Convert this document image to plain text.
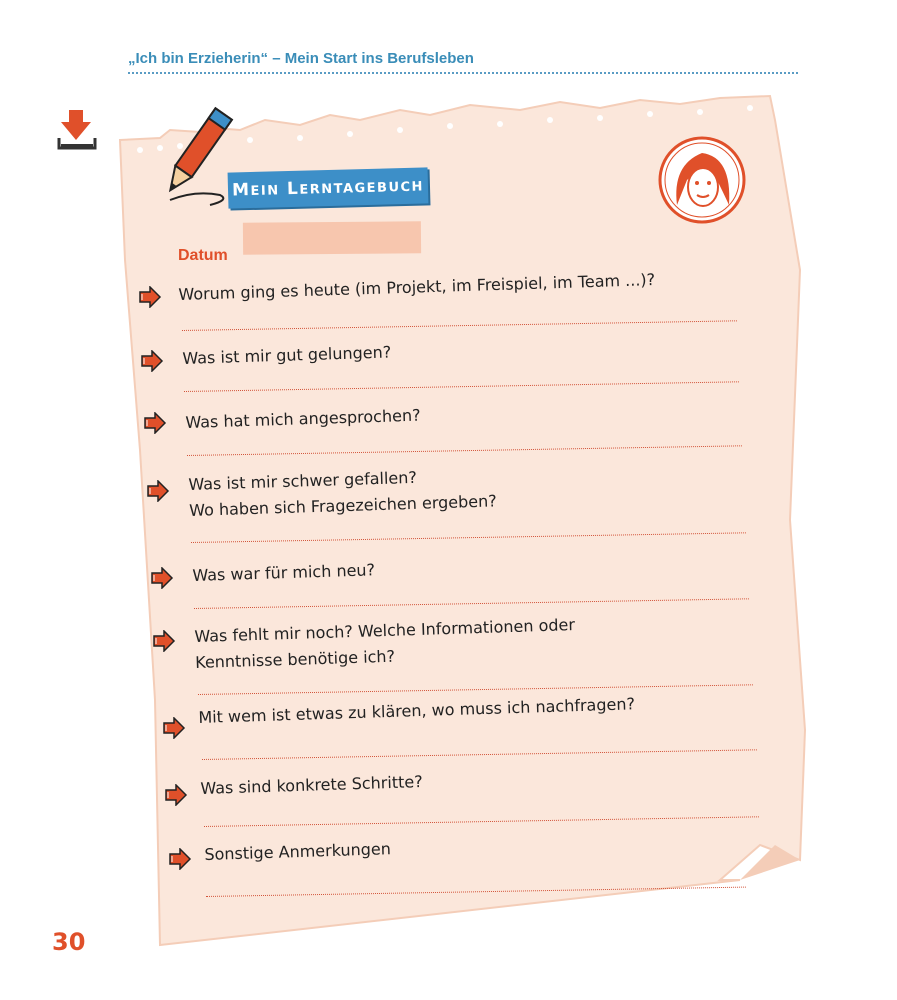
„Ich bin Erzieherin“ – Mein Start ins Berufsleben
MEIN LERNTAGEBUCH
Datum
Worum ging es heute (im Projekt, im Freispiel, im Team ...)?
Was ist mir gut gelungen?
Was hat mich angesprochen?
Was ist mir schwer gefallen?
Wo haben sich Fragezeichen ergeben?
Was war für mich neu?
Was fehlt mir noch? Welche Informationen oder
Kenntnisse benötige ich?
Mit wem ist etwas zu klären, wo muss ich nachfragen?
Was sind konkrete Schritte?
Sonstige Anmerkungen
30
